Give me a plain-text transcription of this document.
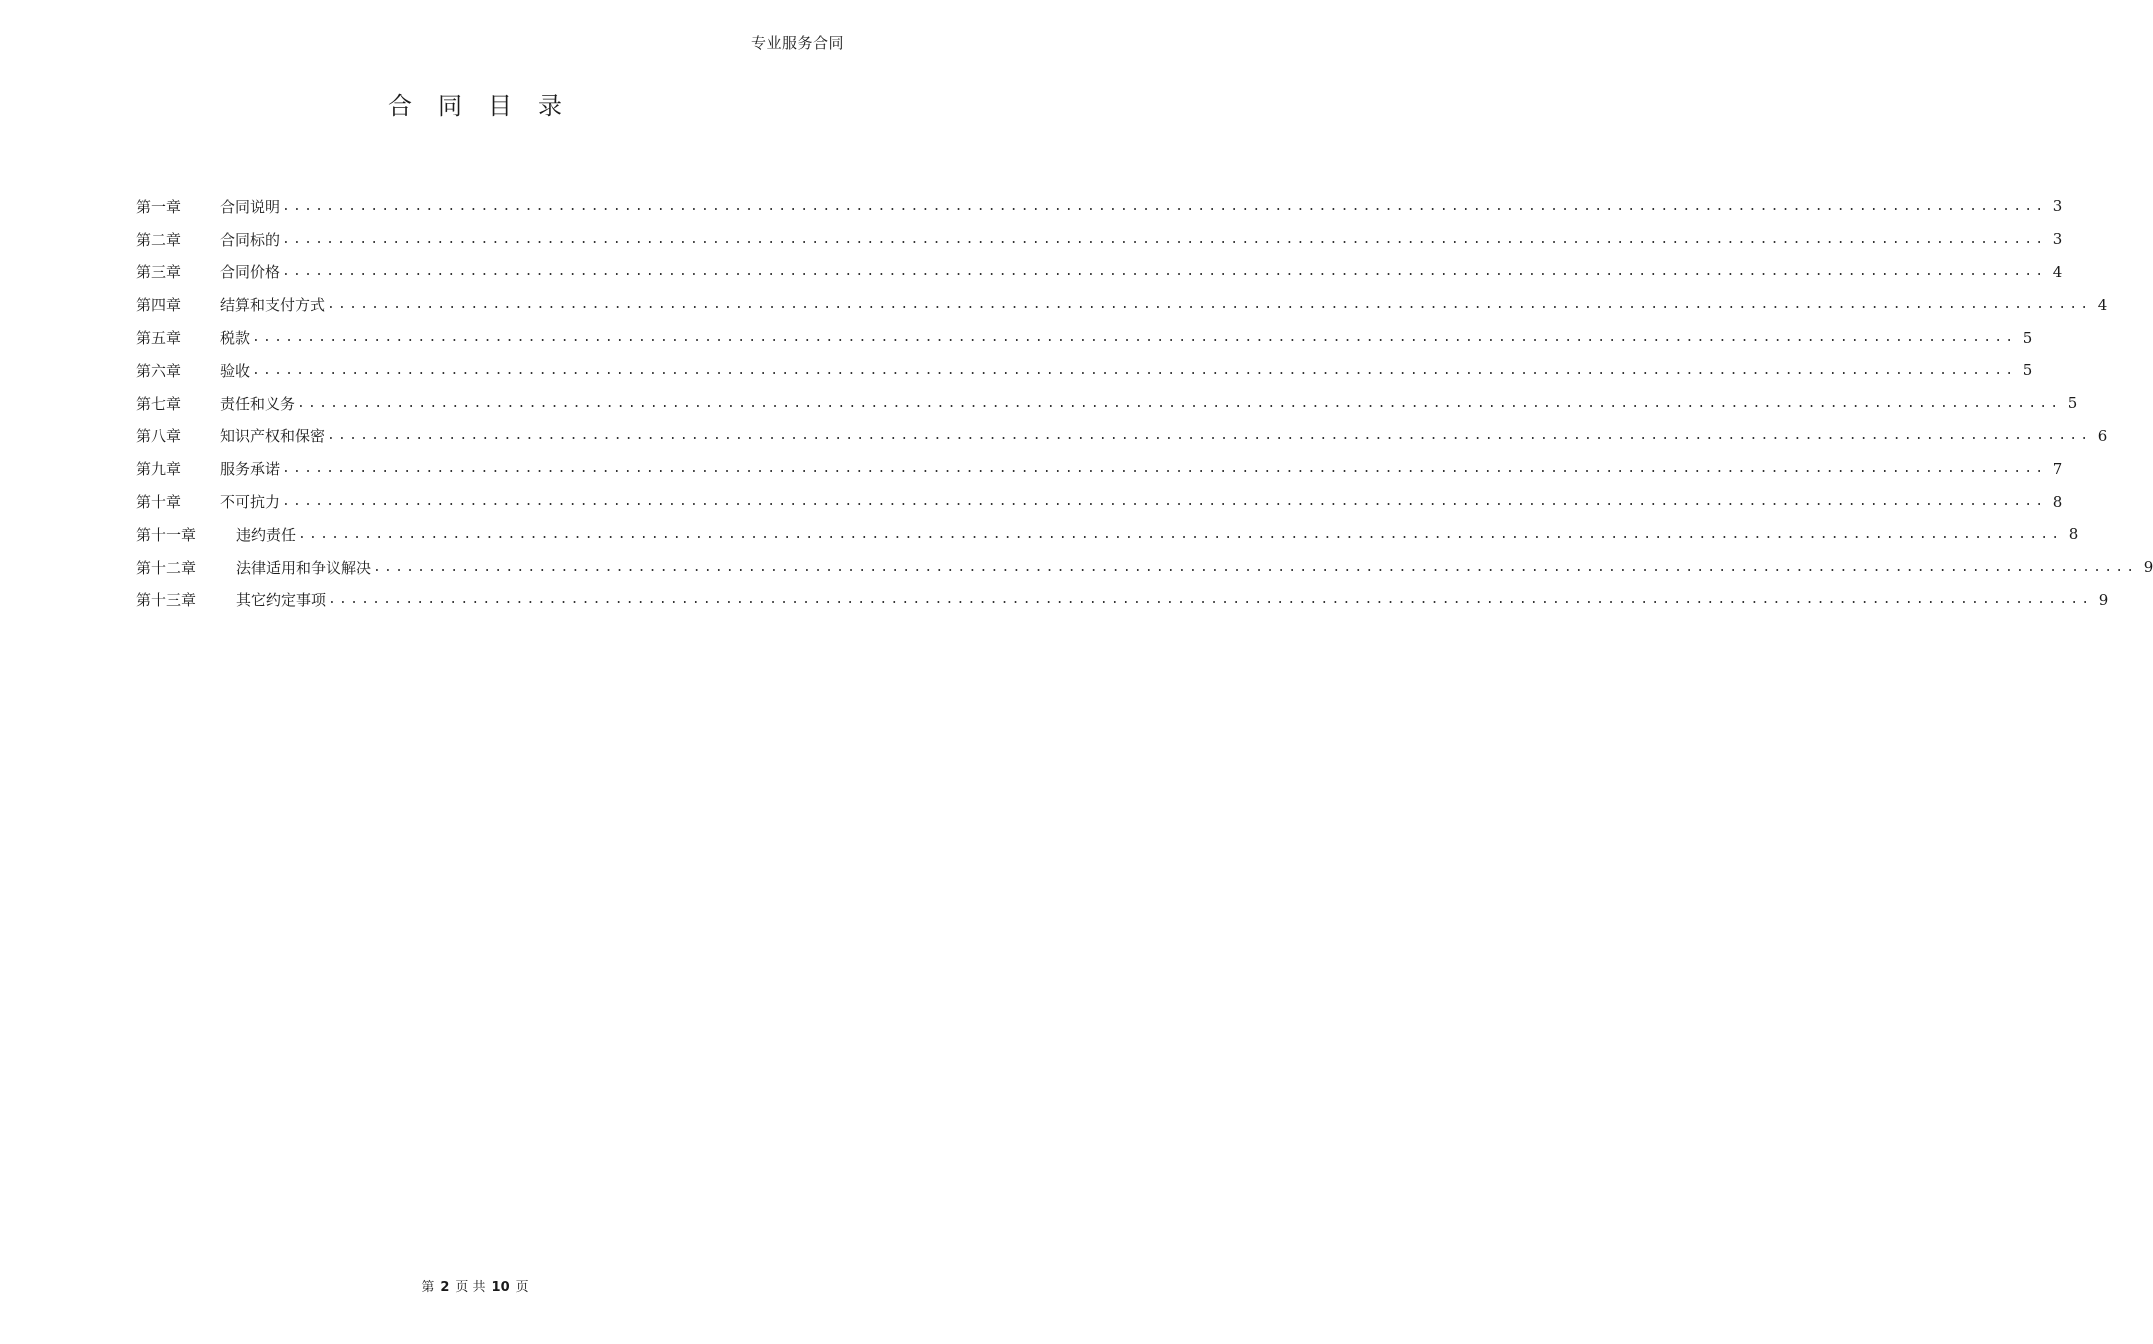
专业服务合同
合同目录
第一章	合同说明 ................................................................................................................................................................ 3
第二章	合同标的 ................................................................................................................................................................ 3
第三章	合同价格 ................................................................................................................................................................ 4
第四章	结算和支付方式 ................................................................................................................................................................ 4
第五章	税款 ................................................................................................................................................................ 5
第六章	验收 ................................................................................................................................................................ 5
第七章	责任和义务 ................................................................................................................................................................ 5
第八章	知识产权和保密 ................................................................................................................................................................ 6
第九章	服务承诺 ................................................................................................................................................................ 7
第十章	不可抗力 ................................................................................................................................................................ 8
第十一章	违约责任 ................................................................................................................................................................ 8
第十二章	法律适用和争议解决 ................................................................................................................................................................ 9
第十三章	其它约定事项 ................................................................................................................................................................ 9
第 2 页 共 10 页
